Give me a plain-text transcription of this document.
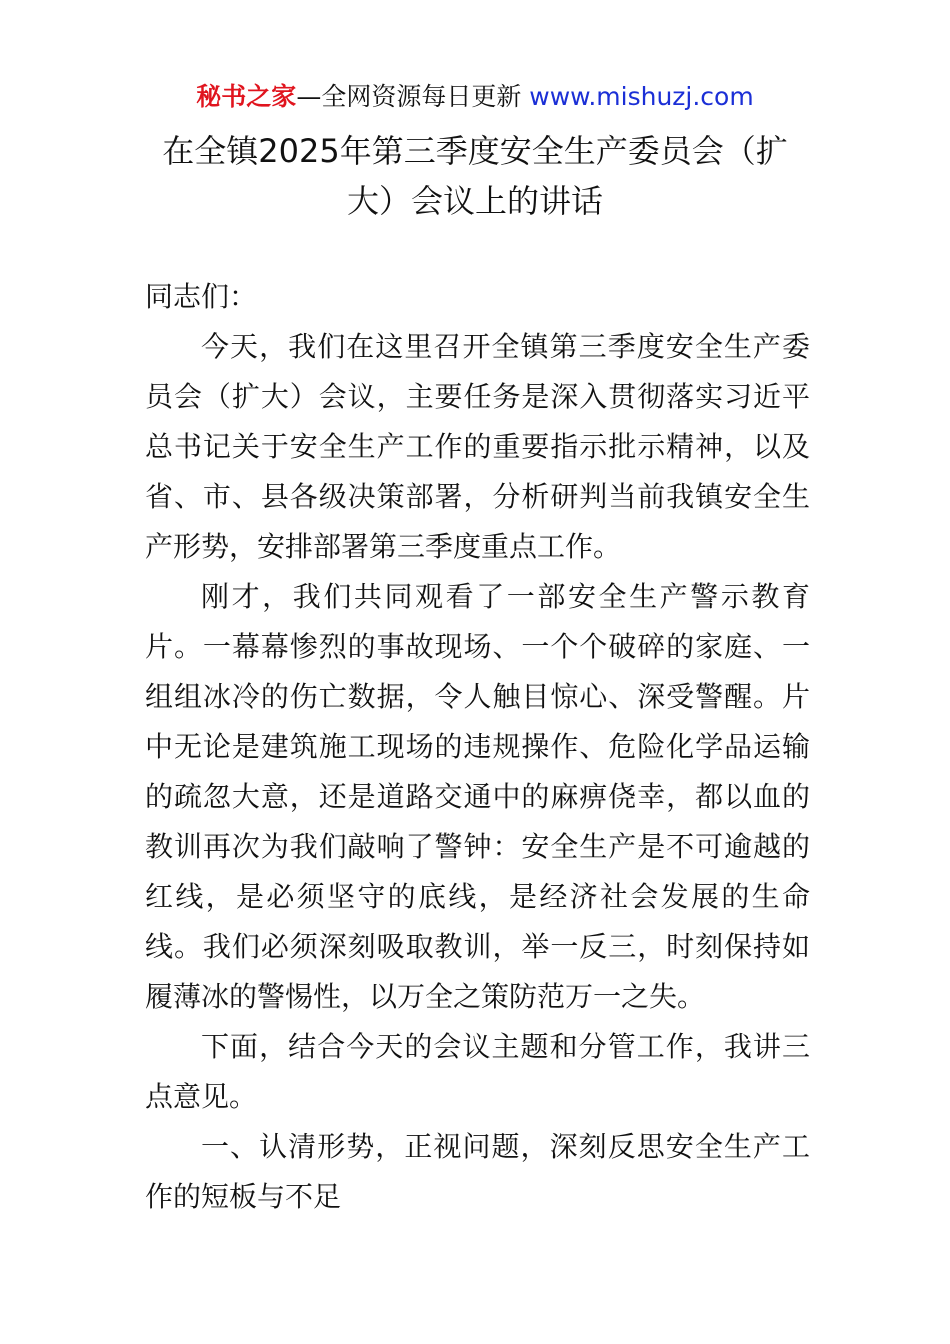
秘书之家—全网资源每日更新 www.mishuzj.com
在全镇2025年第三季度安全生产委员会（扩大）会议上的讲话

同志们：

今天，我们在这里召开全镇第三季度安全生产委员会（扩大）会议，主要任务是深入贯彻落实习近平总书记关于安全生产工作的重要指示批示精神，以及省、市、县各级决策部署，分析研判当前我镇安全生产形势，安排部署第三季度重点工作。

刚才，我们共同观看了一部安全生产警示教育片。一幕幕惨烈的事故现场、一个个破碎的家庭、一组组冰冷的伤亡数据，令人触目惊心、深受警醒。片中无论是建筑施工现场的违规操作、危险化学品运输的疏忽大意，还是道路交通中的麻痹侥幸，都以血的教训再次为我们敲响了警钟：安全生产是不可逾越的红线，是必须坚守的底线，是经济社会发展的生命线。我们必须深刻吸取教训，举一反三，时刻保持如履薄冰的警惕性，以万全之策防范万一之失。

下面，结合今天的会议主题和分管工作，我讲三点意见。

一、认清形势，正视问题，深刻反思安全生产工作的短板与不足
